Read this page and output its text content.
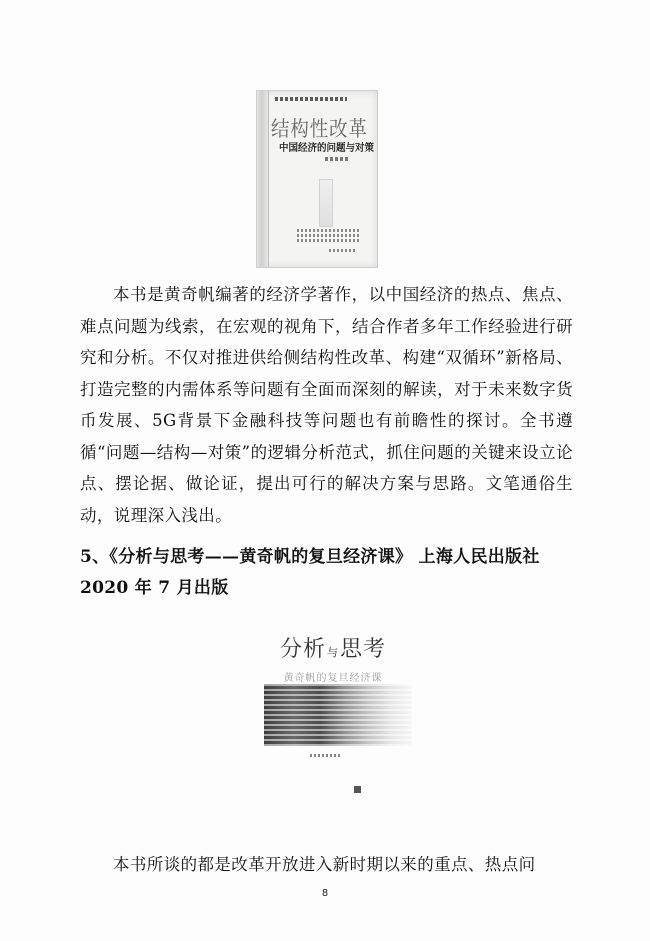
结构性改革
中国经济的问题与对策

本书是黄奇帆编著的经济学著作，以中国经济的热点、焦点、难点问题为线索，在宏观的视角下，结合作者多年工作经验进行研究和分析。不仅对推进供给侧结构性改革、构建“双循环”新格局、打造完整的内需体系等问题有全面而深刻的解读，对于未来数字货币发展、5G背景下金融科技等问题也有前瞻性的探讨。全书遵循“问题—结构—对策”的逻辑分析范式，抓住问题的关键来设立论点、摆论据、做论证，提出可行的解决方案与思路。文笔通俗生动，说理深入浅出。

5、《分析与思考——黄奇帆的复旦经济课》 上海人民出版社 2020 年 7 月出版

分析与思考
黄奇帆的复旦经济课

本书所谈的都是改革开放进入新时期以来的重点、热点问

8
